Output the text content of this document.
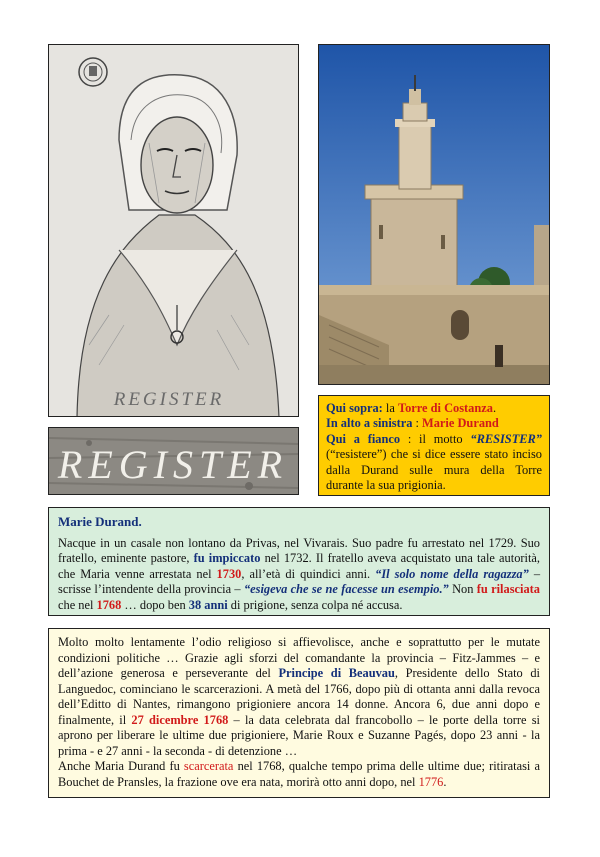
REGISTER
REGISTER
Qui sopra: la Torre di Costanza.
In alto a sinistra : Marie Durand
Qui a fianco : il motto “RESISTER” (“resistere”) che si dice essere stato inciso dalla Durand sulle mura della Torre durante la sua prigionia.
Marie Durand.
Nacque in un casale non lontano da Privas, nel Vivarais. Suo padre fu arrestato nel 1729. Suo fratello, eminente pastore, fu impiccato nel 1732. Il fratello aveva acquistato una tale autorità, che Maria venne arrestata nel 1730, all’età di quindici anni. “Il solo nome della ragazza” – scrisse l’intendente della provincia – “esigeva che se ne facesse un esempio.” Non fu rilasciata che nel 1768 … dopo ben 38 anni di prigione, senza colpa né accusa.
Molto molto lentamente l’odio religioso si affievolisce, anche e soprattutto per le mutate condizioni politiche … Grazie agli sforzi del comandante la provincia – Fitz-Jammes – e dell’azione generosa e perseverante del Principe di Beauvau, Presidente dello Stato di Languedoc, cominciano le scarcerazioni. A metà del 1766, dopo più di ottanta anni dalla revoca dell’Editto di Nantes, rimangono prigioniere ancora 14 donne. Ancora 6, due anni dopo e finalmente, il 27 dicembre 1768 – la data celebrata dal francobollo – le porte della torre si aprono per liberare le ultime due prigioniere, Marie Roux e Suzanne Pagés, dopo 23 anni - la prima - e 27 anni - la seconda - di detenzione …
Anche Maria Durand fu scarcerata nel 1768, qualche tempo prima delle ultime due; ritiratasi a Bouchet de Pransles, la frazione ove era nata, morirà otto anni dopo, nel 1776.
